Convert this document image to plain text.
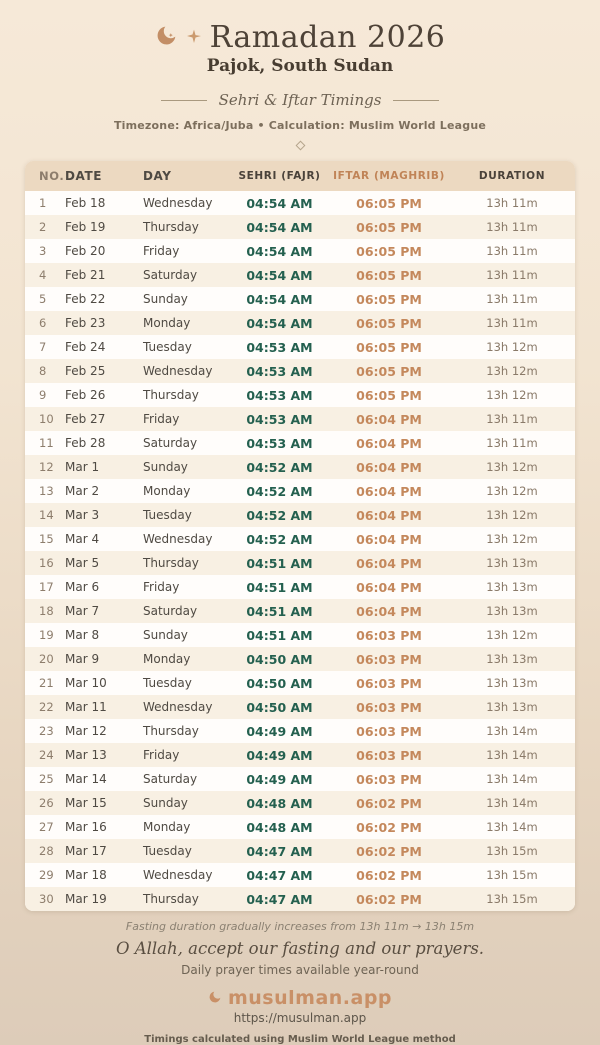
Ramadan 2026
Pajok, South Sudan
Sehri & Iftar Timings
Timezone: Africa/Juba • Calculation: Muslim World League
NO. DATE	DAY	SEHRI (FAJR)	IFTAR (MAGHRIB)	DURATION
1	Feb 18	Wednesday	04:54 AM	06:05 PM	13h 11m
2	Feb 19	Thursday	04:54 AM	06:05 PM	13h 11m
3	Feb 20	Friday	04:54 AM	06:05 PM	13h 11m
4	Feb 21	Saturday	04:54 AM	06:05 PM	13h 11m
5	Feb 22	Sunday	04:54 AM	06:05 PM	13h 11m
6	Feb 23	Monday	04:54 AM	06:05 PM	13h 11m
7	Feb 24	Tuesday	04:53 AM	06:05 PM	13h 12m
8	Feb 25	Wednesday	04:53 AM	06:05 PM	13h 12m
9	Feb 26	Thursday	04:53 AM	06:05 PM	13h 12m
10 Feb 27	Friday	04:53 AM	06:04 PM	13h 11m
11 Feb 28	Saturday	04:53 AM	06:04 PM	13h 11m
12 Mar 1	Sunday	04:52 AM	06:04 PM	13h 12m
13 Mar 2	Monday	04:52 AM	06:04 PM	13h 12m
14 Mar 3	Tuesday	04:52 AM	06:04 PM	13h 12m
15 Mar 4	Wednesday	04:52 AM	06:04 PM	13h 12m
16 Mar 5	Thursday	04:51 AM	06:04 PM	13h 13m
17 Mar 6	Friday	04:51 AM	06:04 PM	13h 13m
18 Mar 7	Saturday	04:51 AM	06:04 PM	13h 13m
19 Mar 8	Sunday	04:51 AM	06:03 PM	13h 12m
20 Mar 9	Monday	04:50 AM	06:03 PM	13h 13m
21 Mar 10	Tuesday	04:50 AM	06:03 PM	13h 13m
22 Mar 11	Wednesday	04:50 AM	06:03 PM	13h 13m
23 Mar 12	Thursday	04:49 AM	06:03 PM	13h 14m
24 Mar 13	Friday	04:49 AM	06:03 PM	13h 14m
25 Mar 14	Saturday	04:49 AM	06:03 PM	13h 14m
26 Mar 15	Sunday	04:48 AM	06:02 PM	13h 14m
27 Mar 16	Monday	04:48 AM	06:02 PM	13h 14m
28 Mar 17	Tuesday	04:47 AM	06:02 PM	13h 15m
29 Mar 18	Wednesday	04:47 AM	06:02 PM	13h 15m
30 Mar 19	Thursday	04:47 AM	06:02 PM	13h 15m
Fasting duration gradually increases from 13h 11m → 13h 15m
O Allah, accept our fasting and our prayers.
Daily prayer times available year-round
musulman.app
https://musulman.app
Timings calculated using Muslim World League method
